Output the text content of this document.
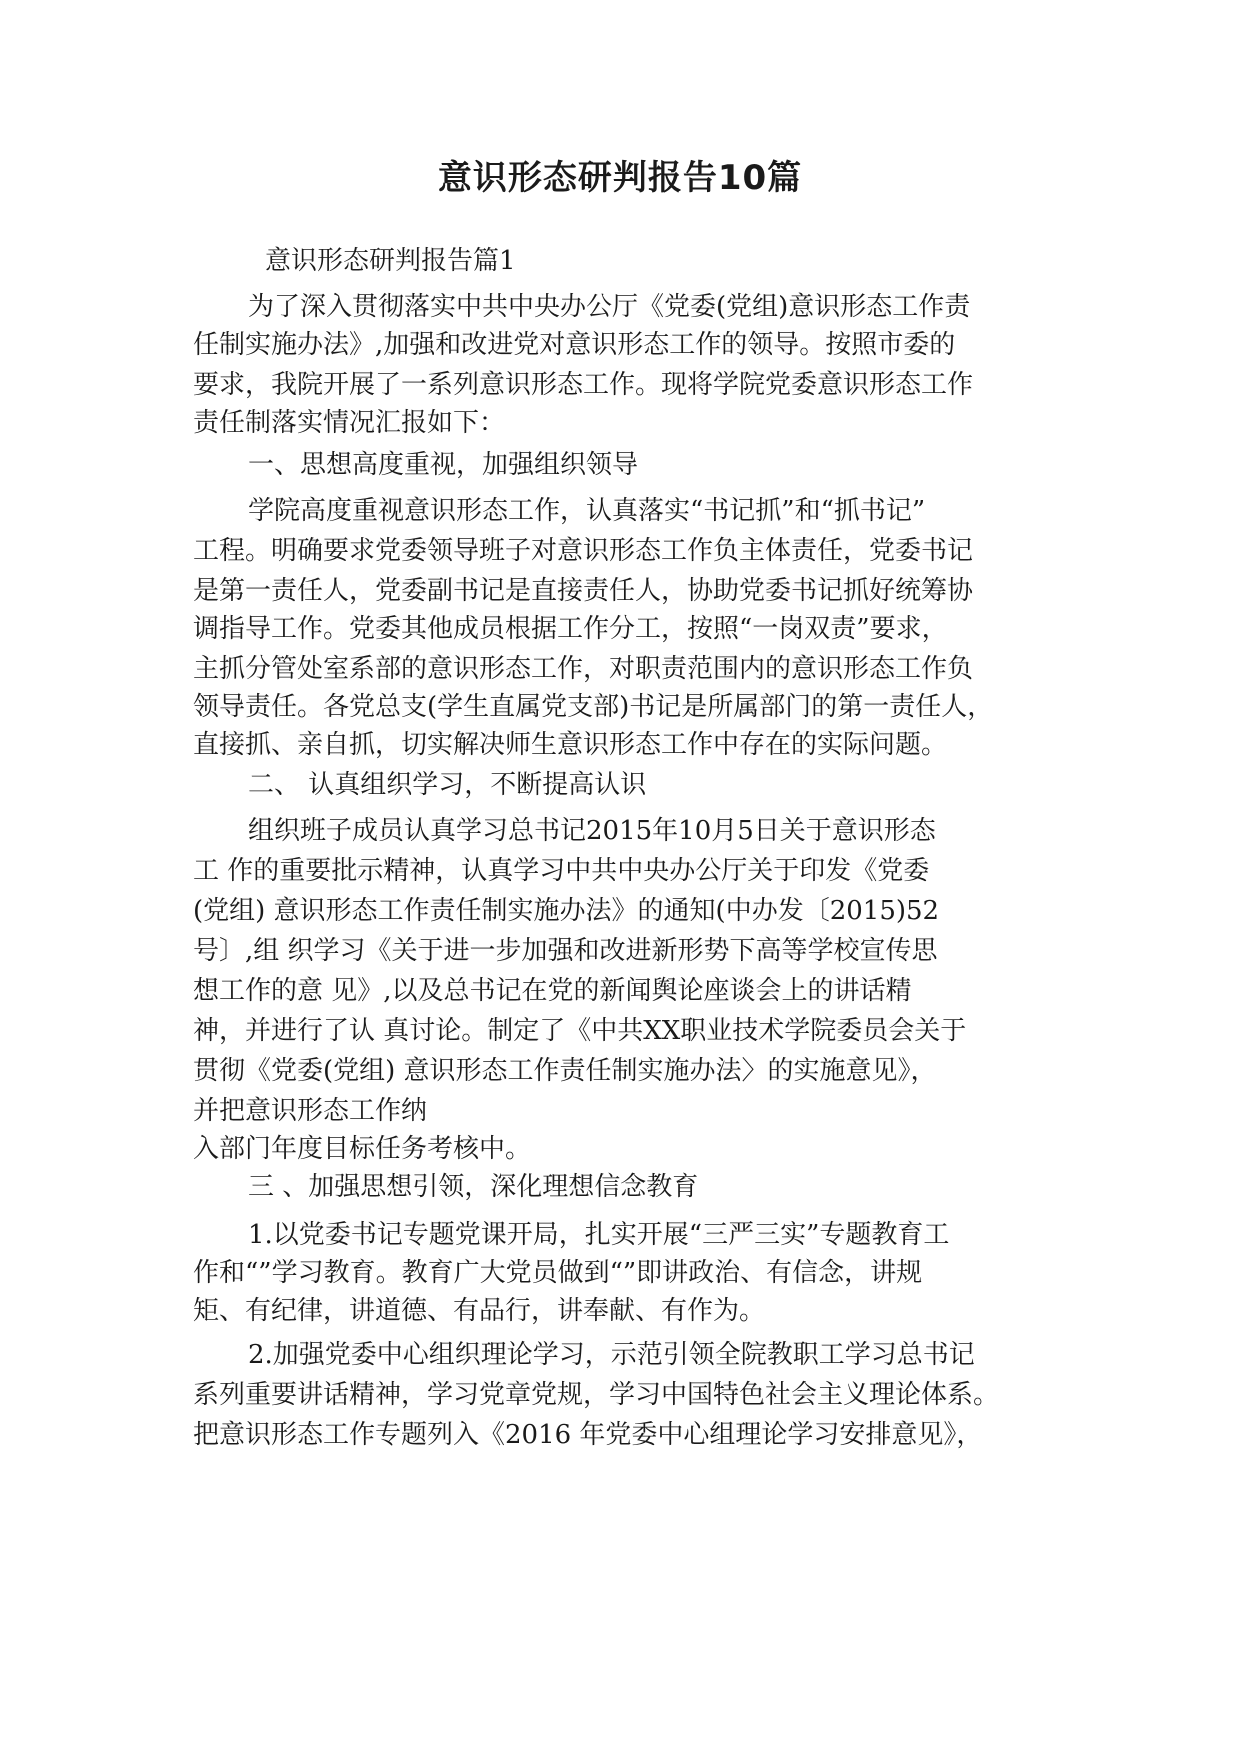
意识形态研判报告10篇

意识形态研判报告篇1

为了深入贯彻落实中共中央办公厅《党委(党组)意识形态工作责

任制实施办法》,加强和改进党对意识形态工作的领导。按照市委的

要求，我院开展了一系列意识形态工作。现将学院党委意识形态工作

责任制落实情况汇报如下：

一、思想高度重视，加强组织领导

学院高度重视意识形态工作，认真落实“书记抓”和“抓书记”

工程。明确要求党委领导班子对意识形态工作负主体责任，党委书记

是第一责任人，党委副书记是直接责任人，协助党委书记抓好统筹协

调指导工作。党委其他成员根据工作分工，按照“一岗双责”要求，

主抓分管处室系部的意识形态工作，对职责范围内的意识形态工作负

领导责任。各党总支(学生直属党支部)书记是所属部门的第一责任人，

直接抓、亲自抓，切实解决师生意识形态工作中存在的实际问题。

二、 认真组织学习，不断提高认识

组织班子成员认真学习总书记2015年10月5日关于意识形态

工 作的重要批示精神，认真学习中共中央办公厅关于印发《党委

(党组) 意识形态工作责任制实施办法》的通知(中办发〔2015)52

号〕,组 织学习《关于进一步加强和改进新形势下高等学校宣传思

想工作的意 见》,以及总书记在党的新闻舆论座谈会上的讲话精

神，并进行了认 真讨论。制定了《中共XX职业技术学院委员会关于

贯彻《党委(党组) 意识形态工作责任制实施办法〉的实施意见》，

并把意识形态工作纳

入部门年度目标任务考核中。

三 、加强思想引领，深化理想信念教育

1.以党委书记专题党课开局，扎实开展“三严三实”专题教育工

作和“”学习教育。教育广大党员做到“”即讲政治、有信念，讲规

矩、有纪律，讲道德、有品行，讲奉献、有作为。

2.加强党委中心组织理论学习，示范引领全院教职工学习总书记

系列重要讲话精神，学习党章党规，学习中国特色社会主义理论体系。

把意识形态工作专题列入《2016 年党委中心组理论学习安排意见》，
